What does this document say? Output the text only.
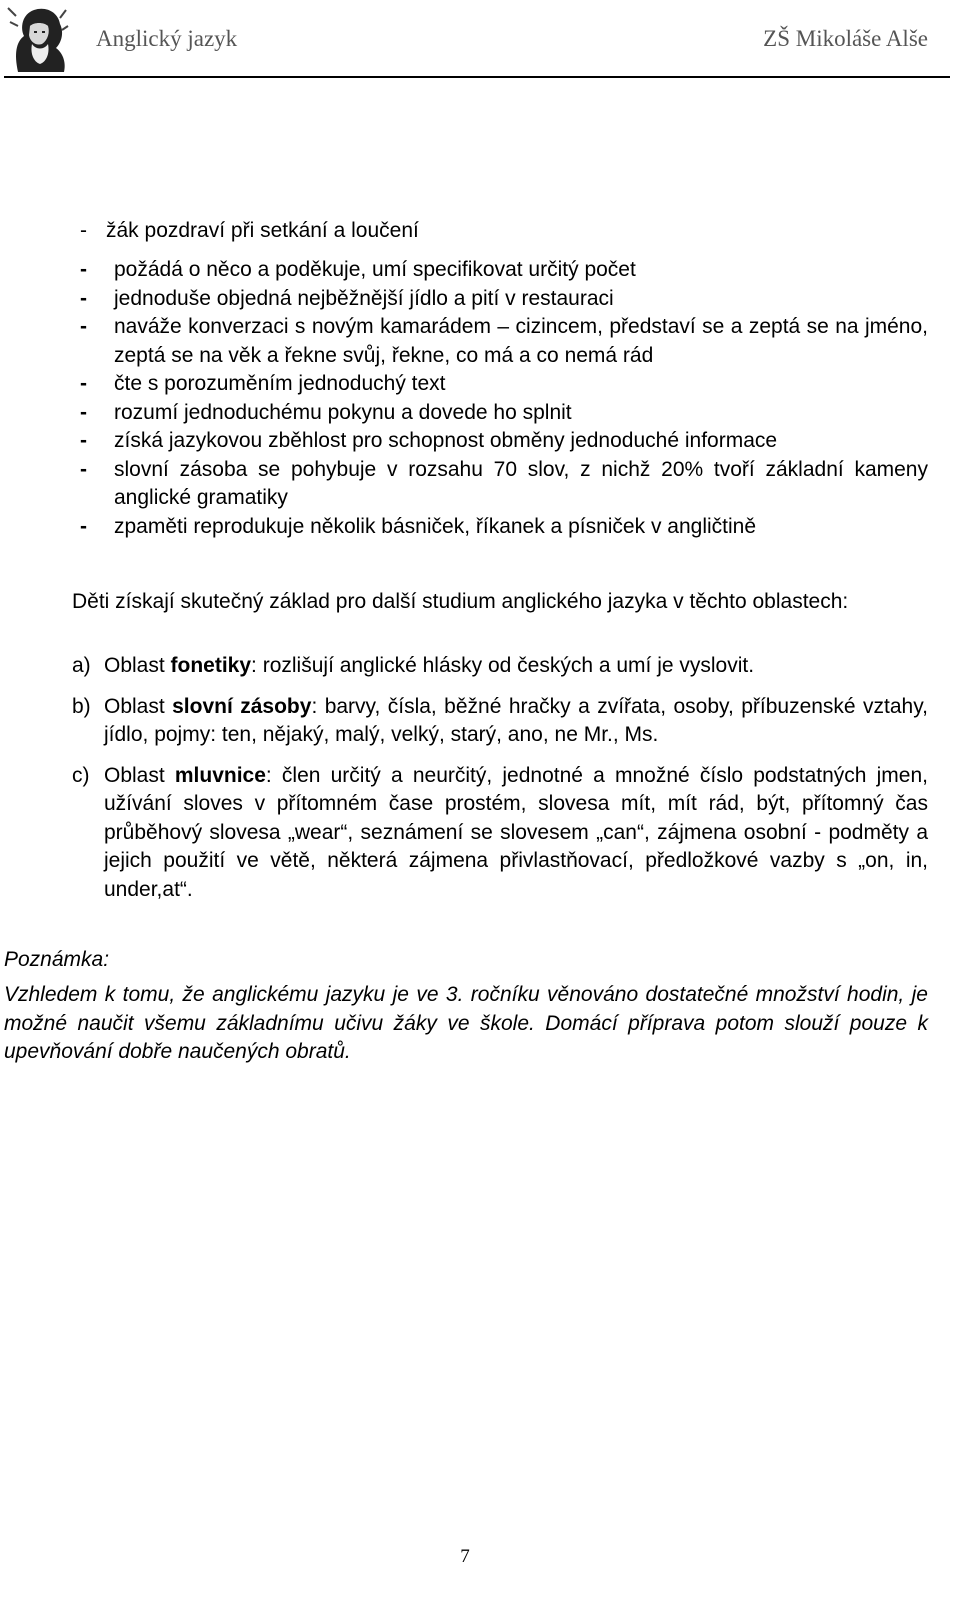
Anglický jazyk	ZŠ Mikoláše Alše
- žák pozdraví při setkání a loučení
- požádá o něco a poděkuje, umí specifikovat určitý počet
- jednoduše objedná nejběžnější jídlo a pití v restauraci
- naváže konverzaci s novým kamarádem – cizincem, představí se a zeptá se na jméno, zeptá se na věk a řekne svůj, řekne, co má a co nemá rád
- čte s porozuměním jednoduchý text
- rozumí jednoduchému pokynu a dovede ho splnit
- získá jazykovou zběhlost pro schopnost obměny jednoduché informace
- slovní zásoba se pohybuje v rozsahu 70 slov, z nichž 20% tvoří základní kameny anglické gramatiky
- zpaměti reprodukuje několik básniček, říkanek a písniček v angličtině

Děti získají skutečný základ pro další studium anglického jazyka v těchto oblastech:

a) Oblast fonetiky: rozlišují anglické hlásky od českých a umí je vyslovit.
b) Oblast slovní zásoby: barvy, čísla, běžné hračky a zvířata, osoby, příbuzenské vztahy, jídlo, pojmy: ten, nějaký, malý, velký, starý, ano, ne Mr., Ms.
c) Oblast mluvnice: člen určitý a neurčitý, jednotné a množné číslo podstatných jmen, užívání sloves v přítomném čase prostém, slovesa mít, mít rád, být, přítomný čas průběhový slovesa „wear“, seznámení se slovesem „can“, zájmena osobní - podměty a jejich použití ve větě, některá zájmena přivlastňovací, předložkové vazby s „on, in, under,at“.
Poznámka:

Vzhledem k tomu, že anglickému jazyku je ve 3. ročníku věnováno dostatečné množství hodin, je možné naučit všemu základnímu učivu žáky ve škole. Domácí příprava potom slouží pouze k upevňování dobře naučených obratů.

7
